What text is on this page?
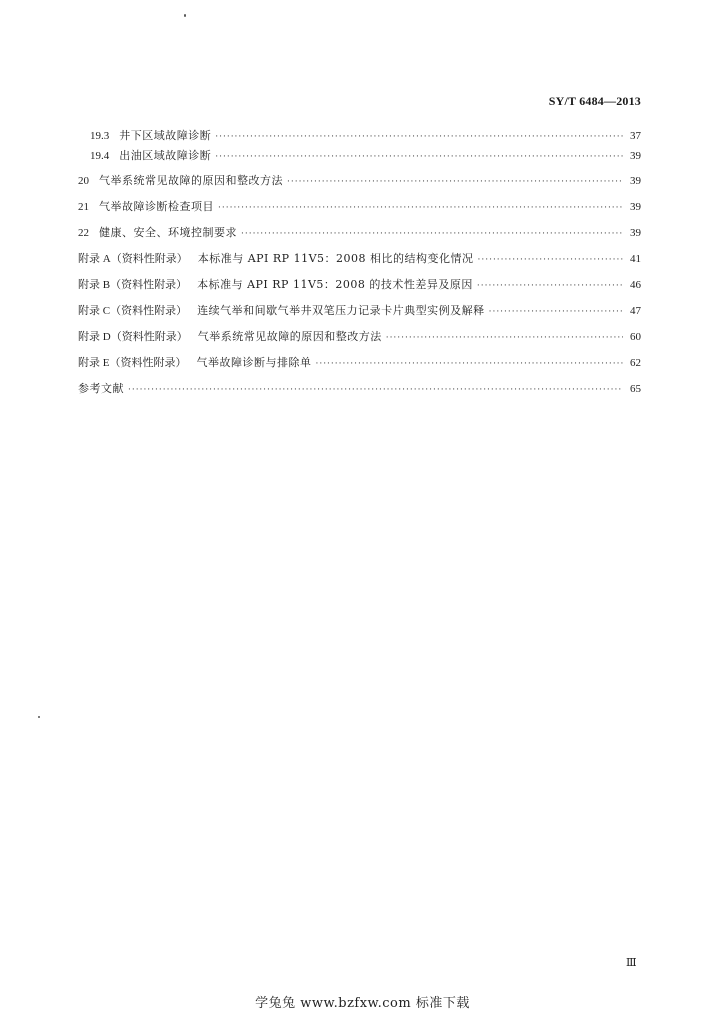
SY/T 6484—2013
19.3 井下区域故障诊断 ·····	37
19.4 出油区域故障诊断 ·····	39
20 气举系统常见故障的原因和整改方法 ·····	39
21 气举故障诊断检查项目 ·····	39
22 健康、安全、环境控制要求 ·····	39
附录 A（资料性附录） 本标准与 API RP 11V5：2008 相比的结构变化情况 ·····	41
附录 B（资料性附录） 本标准与 API RP 11V5：2008 的技术性差异及原因 ·····	46
附录 C（资料性附录） 连续气举和间歇气举井双笔压力记录卡片典型实例及解释 ·····	47
附录 D（资料性附录） 气举系统常见故障的原因和整改方法 ·····	60
附录 E（资料性附录） 气举故障诊断与排除单 ·····	62
参考文献 ·····	65
Ⅲ
学兔兔 www.bzfxw.com 标准下载
